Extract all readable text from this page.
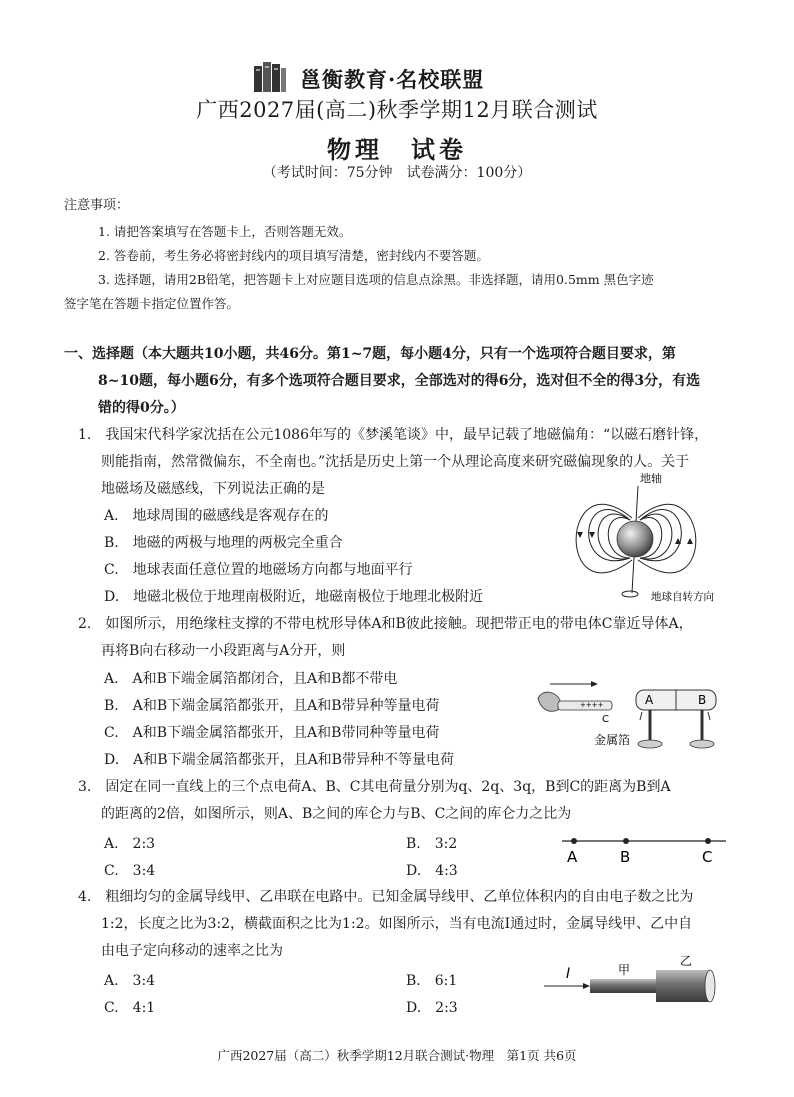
邕衡教育·名校联盟
广西2027届(高二)秋季学期12月联合测试
物理　试卷
（考试时间：75分钟　试卷满分：100分）
注意事项：
1. 请把答案填写在答题卡上，否则答题无效。
2. 答卷前，考生务必将密封线内的项目填写清楚，密封线内不要答题。
3. 选择题，请用2B铅笔，把答题卡上对应题目选项的信息点涂黑。非选择题，请用0.5mm 黑色字迹
签字笔在答题卡指定位置作答。
一、选择题（本大题共10小题，共46分。第1~7题，每小题4分，只有一个选项符合题目要求，第
8~10题，每小题6分，有多个选项符合题目要求，全部选对的得6分，选对但不全的得3分，有选
错的得0分。）
1.　我国宋代科学家沈括在公元1086年写的《梦溪笔谈》中，最早记载了地磁偏角：“以磁石磨针锋，
则能指南，然常微偏东，不全南也。”沈括是历史上第一个从理论高度来研究磁偏现象的人。关于
地磁场及磁感线，下列说法正确的是
A.　地球周围的磁感线是客观存在的
B.　地磁的两极与地理的两极完全重合
C.　地球表面任意位置的地磁场方向都与地面平行
D.　地磁北极位于地理南极附近，地磁南极位于地理北极附近
地轴
地球自转方向
2.　如图所示，用绝缘柱支撑的不带电枕形导体A和B彼此接触。现把带正电的带电体C靠近导体A，
再将B向右移动一小段距离与A分开，则
A.　A和B下端金属箔都闭合，且A和B都不带电
B.　A和B下端金属箔都张开，且A和B带异种等量电荷
C.　A和B下端金属箔都张开，且A和B带同种等量电荷
D.　A和B下端金属箔都张开，且A和B带异种不等量电荷
++++
C
A	B
金属箔
3.　固定在同一直线上的三个点电荷A、B、C其电荷量分别为q、2q、3q，B到C的距离为B到A
的距离的2倍，如图所示，则A、B之间的库仑力与B、C之间的库仑力之比为
A.　2:3	B.　3:2
C.　3:4	D.　4:3
A	B	C
4.　粗细均匀的金属导线甲、乙串联在电路中。已知金属导线甲、乙单位体积内的自由电子数之比为
1:2，长度之比为3:2，横截面积之比为1:2。如图所示，当有电流I通过时，金属导线甲、乙中自
由电子定向移动的速率之比为
A.　3:4	B.　6:1
C.　4:1	D.　2:3
I	甲
乙
广西2027届（高二）秋季学期12月联合测试·物理　第1页 共6页
